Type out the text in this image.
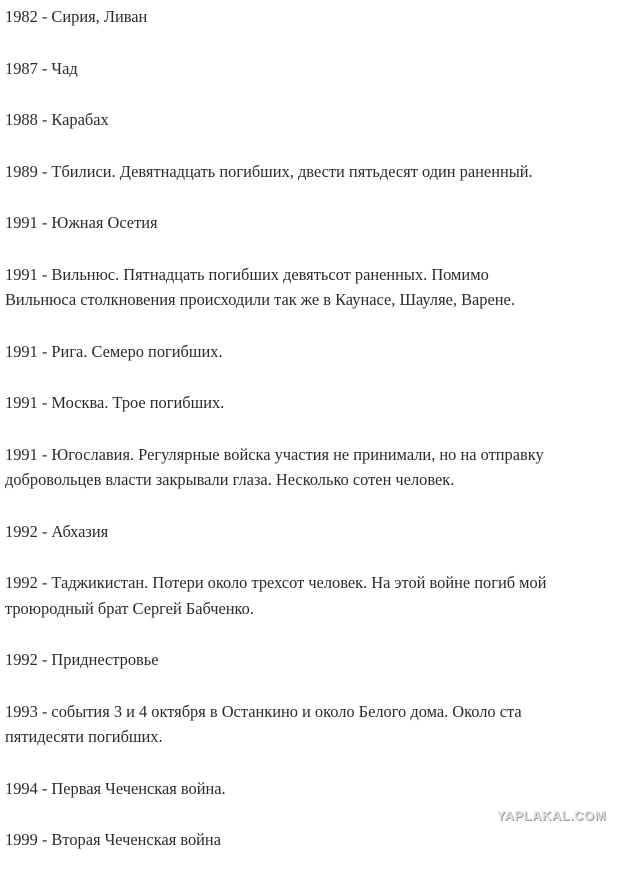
1982 - Сирия, Ливан
1987 - Чад
1988 - Карабах
1989 - Тбилиси. Девятнадцать погибших, двести пятьдесят один раненный.
1991 - Южная Осетия
1991 - Вильнюс. Пятнадцать погибших девятьсот раненных. Помимо
Вильнюса столкновения происходили так же в Каунасе, Шауляе, Варене.
1991 - Рига. Семеро погибших.
1991 - Москва. Трое погибших.
1991 - Югославия. Регулярные войска участия не принимали, но на отправку
добровольцев власти закрывали глаза. Несколько сотен человек.
1992 - Абхазия
1992 - Таджикистан. Потери около трехсот человек. На этой войне погиб мой
троюродный брат Сергей Бабченко.
1992 - Приднестровье
1993 - события 3 и 4 октября в Останкино и около Белого дома. Около ста
пятидесяти погибших.
1994 - Первая Чеченская война.
1999 - Вторая Чеченская война
YAPLAKAL.COM
